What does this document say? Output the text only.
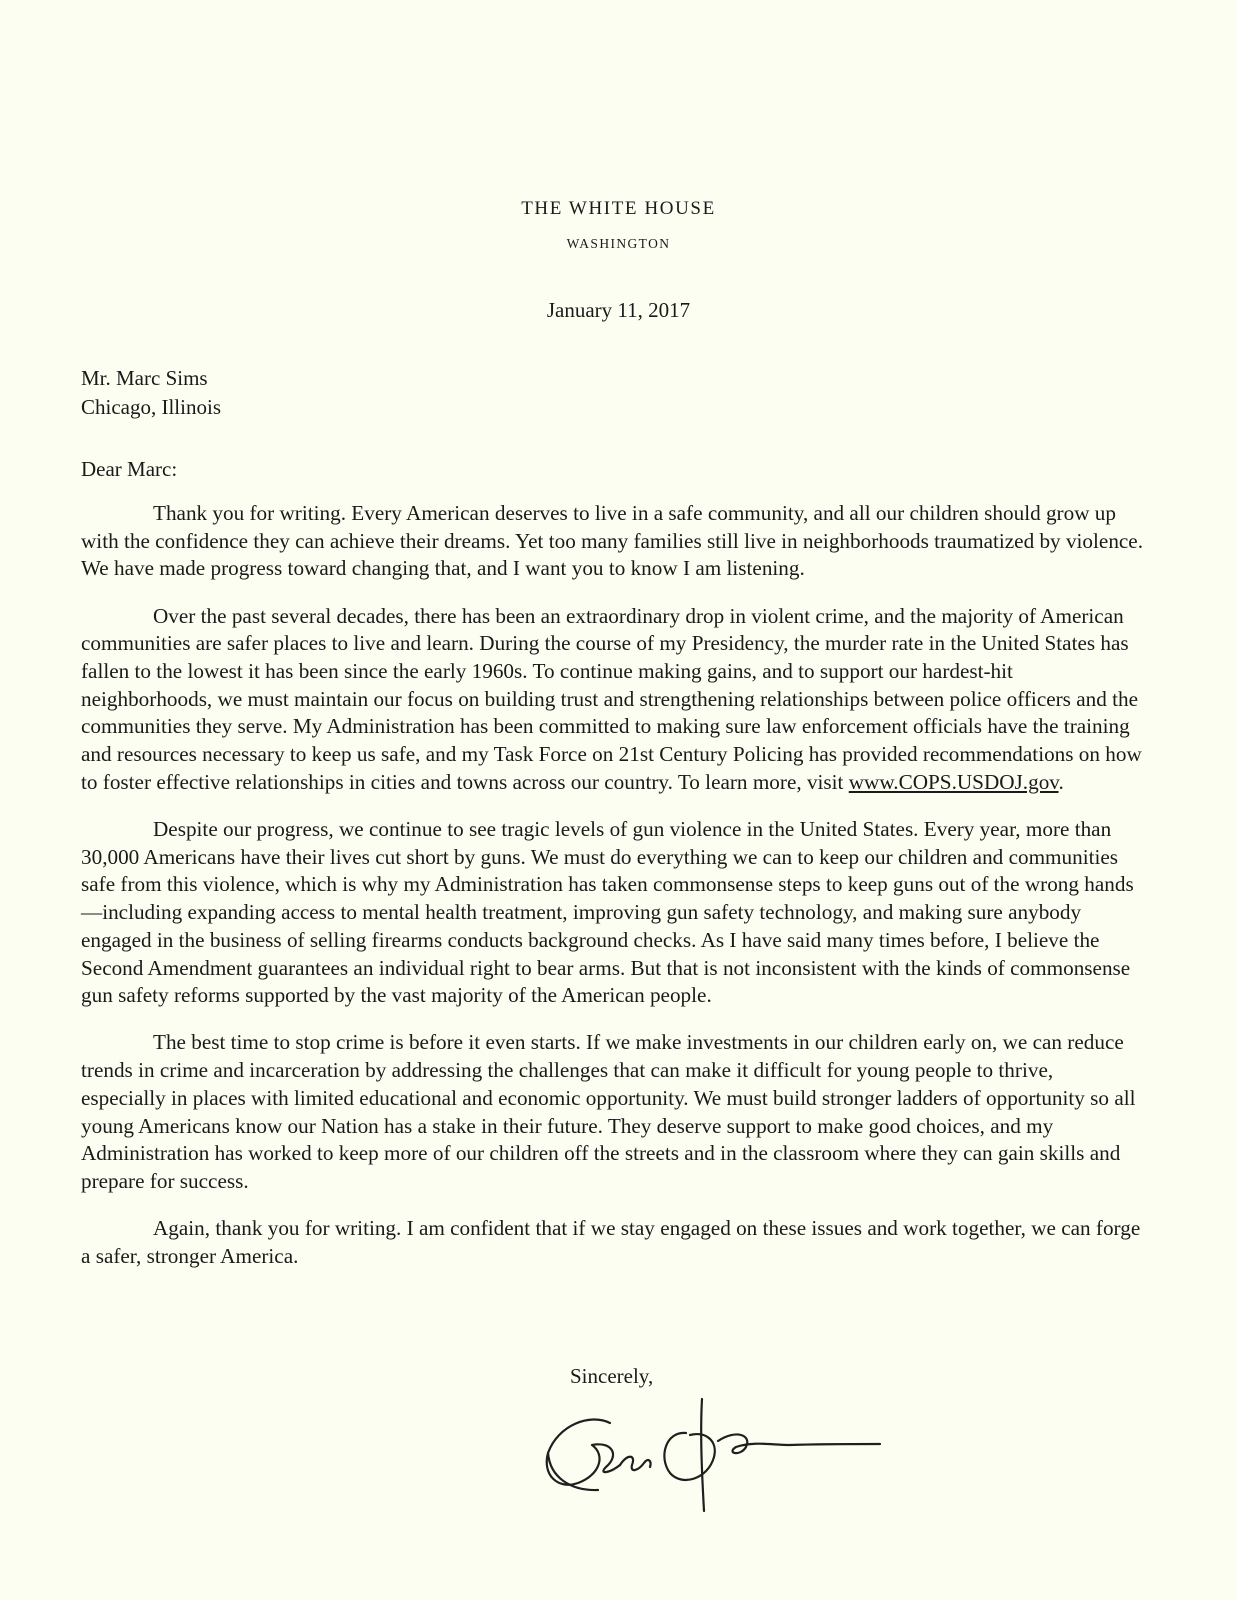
THE WHITE HOUSE
WASHINGTON
January 11, 2017
Mr. Marc Sims
Chicago, Illinois
Dear Marc:

Thank you for writing. Every American deserves to live in a safe community, and all our children should grow up with the confidence they can achieve their dreams. Yet too many families still live in neighborhoods traumatized by violence. We have made progress toward changing that, and I want you to know I am listening.

Over the past several decades, there has been an extraordinary drop in violent crime, and the majority of American communities are safer places to live and learn. During the course of my Presidency, the murder rate in the United States has fallen to the lowest it has been since the early 1960s. To continue making gains, and to support our hardest-hit neighborhoods, we must maintain our focus on building trust and strengthening relationships between police officers and the communities they serve. My Administration has been committed to making sure law enforcement officials have the training and resources necessary to keep us safe, and my Task Force on 21st Century Policing has provided recommendations on how to foster effective relationships in cities and towns across our country. To learn more, visit www.COPS.USDOJ.gov.

Despite our progress, we continue to see tragic levels of gun violence in the United States. Every year, more than 30,000 Americans have their lives cut short by guns. We must do everything we can to keep our children and communities safe from this violence, which is why my Administration has taken commonsense steps to keep guns out of the wrong hands—including expanding access to mental health treatment, improving gun safety technology, and making sure anybody engaged in the business of selling firearms conducts background checks. As I have said many times before, I believe the Second Amendment guarantees an individual right to bear arms. But that is not inconsistent with the kinds of commonsense gun safety reforms supported by the vast majority of the American people.

The best time to stop crime is before it even starts. If we make investments in our children early on, we can reduce trends in crime and incarceration by addressing the challenges that can make it difficult for young people to thrive, especially in places with limited educational and economic opportunity. We must build stronger ladders of opportunity so all young Americans know our Nation has a stake in their future. They deserve support to make good choices, and my Administration has worked to keep more of our children off the streets and in the classroom where they can gain skills and prepare for success.

Again, thank you for writing. I am confident that if we stay engaged on these issues and work together, we can forge a safer, stronger America.

Sincerely,
